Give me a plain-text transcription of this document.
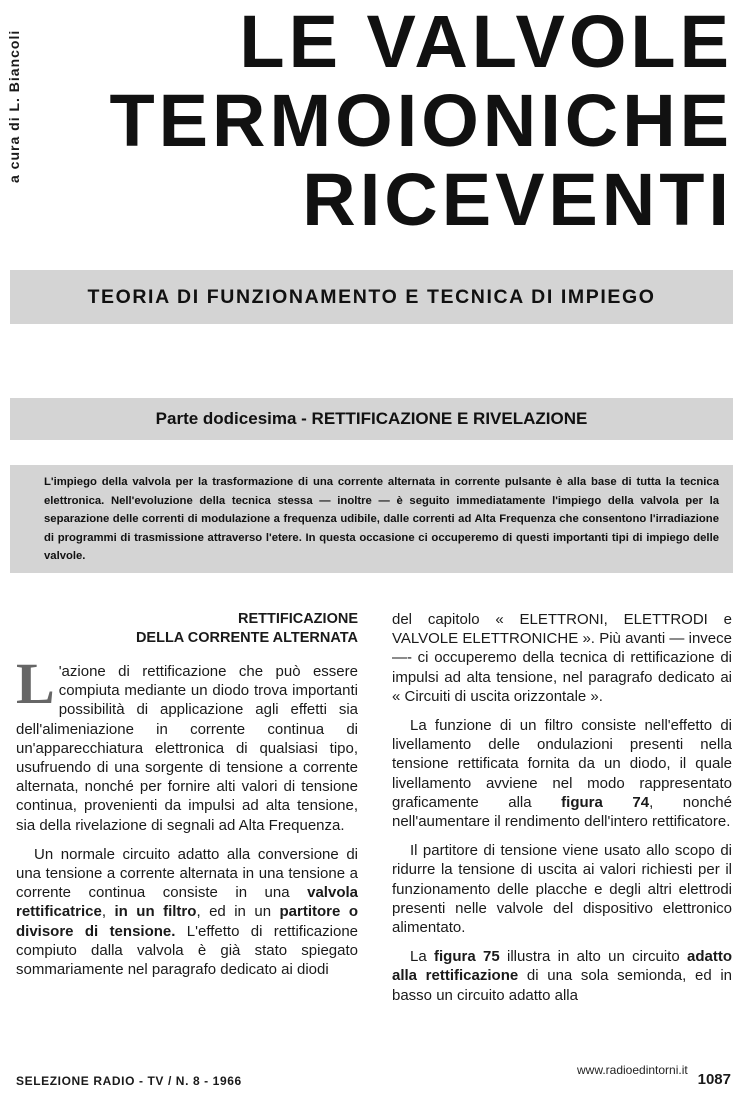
a cura di L. Biancoli	LE VALVOLE
TERMOIONICHE
RICEVENTI
TEORIA DI FUNZIONAMENTO E TECNICA DI IMPIEGO
Parte dodicesima - RETTIFICAZIONE E RIVELAZIONE
L'impiego della valvola per la trasformazione di una corrente alternata in corrente pulsante è alla base di tutta la tecnica elettronica. Nell'evoluzione della tecnica stessa — inoltre — è seguito immediatamente l'impiego della valvola per la separazione delle correnti di modulazione a frequenza udibile, dalle correnti ad Alta Frequenza che consentono l'irradiazione di programmi di trasmissione attraverso l'etere. In questa occasione ci occuperemo di questi importanti tipi di impiego delle valvole.
RETTIFICAZIONE
DELLA CORRENTE ALTERNATA

L 'azione di rettificazione che può essere compiuta mediante un diodo trova importanti possibilità di applicazione agli effetti sia dell'alimeniazione in corrente continua di un'apparecchiatura elettronica di qualsiasi tipo, usufruendo di una sorgente di tensione a corrente alternata, nonché per fornire alti valori di tensione continua, provenienti da impulsi ad alta tensione, sia della rivelazione di segnali ad Alta Frequenza.

Un normale circuito adatto alla conversione di una tensione a corrente alternata in una tensione a corrente continua consiste in una valvola rettificatrice, in un filtro, ed in un partitore o divisore di tensione. L'effetto di rettificazione compiuto dalla valvola è già stato spiegato sommariamente nel paragrafo dedicato ai diodi

del capitolo « ELETTRONI, ELETTRODI e VALVOLE ELETTRONICHE ». Più avanti — invece —- ci occuperemo della tecnica di rettificazione di impulsi ad alta tensione, nel paragrafo dedicato ai « Circuiti di uscita orizzontale ».

La funzione di un filtro consiste nell'effetto di livellamento delle ondulazioni presenti nella tensione rettificata fornita da un diodo, il quale livellamento avviene nel modo rappresentato graficamente alla figura 74, nonché nell'aumentare il rendimento dell'intero rettificatore.

Il partitore di tensione viene usato allo scopo di ridurre la tensione di uscita ai valori richiesti per il funzionamento delle placche e degli altri elettrodi presenti nelle valvole del dispositivo elettronico alimentato.

La figura 75 illustra in alto un circuito adatto alla rettificazione di una sola semionda, ed in basso un circuito adatto alla

SELEZIONE RADIO - TV / N. 8 - 1966
www.radioedintorni.it
1087
